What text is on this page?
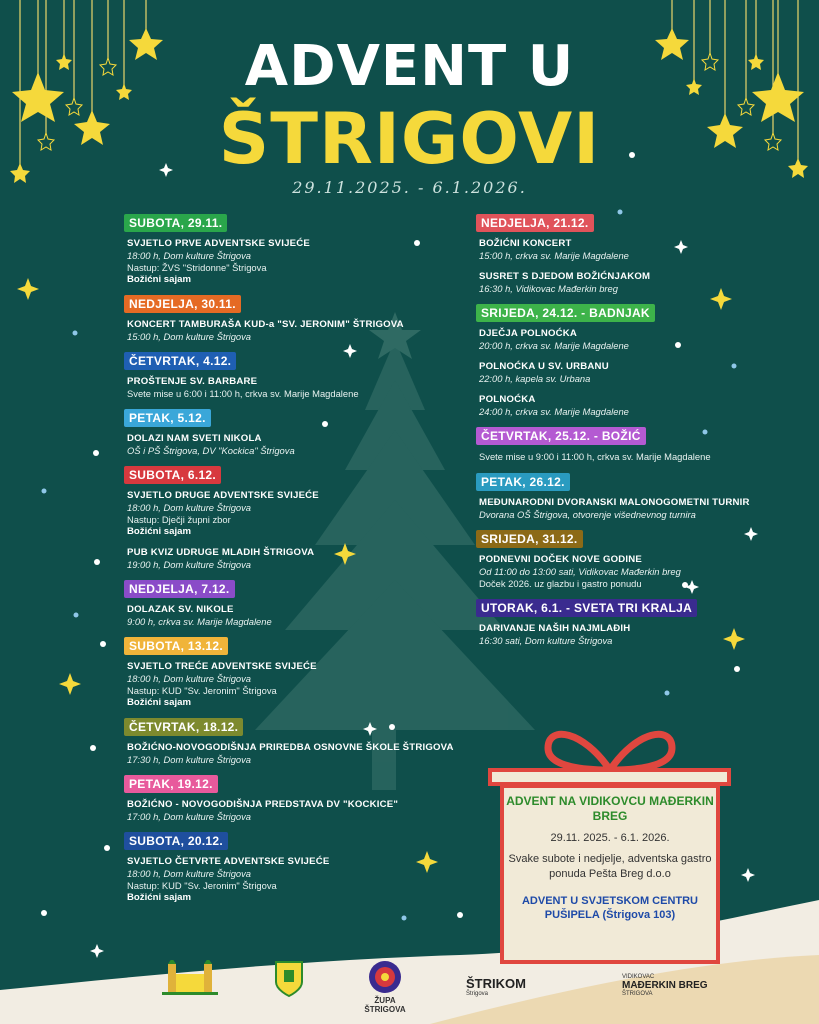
ADVENT U
ŠTRIGOVI
29.11.2025. - 6.1.2026.
SUBOTA, 29.11.

SVJETLO PRVE ADVENTSKE SVIJEĆE
18:00 h, Dom kulture Štrigova
Nastup: ŽVS "Stridonne" Štrigova
Božićni sajam
NEDJELJA, 30.11.

KONCERT TAMBURAŠA KUD-a "SV. JERONIM" ŠTRIGOVA
15:00 h, Dom kulture Štrigova
ČETVRTAK, 4.12.

PROŠTENJE SV. BARBARE
Svete mise u 6:00 i 11:00 h, crkva sv. Marije Magdalene
PETAK, 5.12.

DOLAZI NAM SVETI NIKOLA
OŠ i PŠ Štrigova, DV "Kockica" Štrigova
SUBOTA, 6.12.

SVJETLO DRUGE ADVENTSKE SVIJEĆE
18:00 h, Dom kulture Štrigova
Nastup: Dječji župni zbor
Božićni sajam
PUB KVIZ UDRUGE MLADIH ŠTRIGOVA
19:00 h, Dom kulture Štrigova
NEDJELJA, 7.12.

DOLAZAK SV. NIKOLE
9:00 h, crkva sv. Marije Magdalene
SUBOTA, 13.12.

SVJETLO TREĆE ADVENTSKE SVIJEĆE
18:00 h, Dom kulture Štrigova
Nastup: KUD "Sv. Jeronim" Štrigova
Božićni sajam
ČETVRTAK, 18.12.

BOŽIĆNO-NOVOGODIŠNJA PRIREDBA OSNOVNE ŠKOLE ŠTRIGOVA
17:30 h, Dom kulture Štrigova
PETAK, 19.12.

BOŽIĆNO - NOVOGODIŠNJA PREDSTAVA DV "KOCKICE"
17:00 h, Dom kulture Štrigova
SUBOTA, 20.12.

SVJETLO ČETVRTE ADVENTSKE SVIJEĆE
18:00 h, Dom kulture Štrigova
Nastup: KUD "Sv. Jeronim" Štrigova
Božićni sajam
NEDJELJA, 21.12.

BOŽIĆNI KONCERT
15:00 h, crkva sv. Marije Magdalene
SUSRET S DJEDOM BOŽIĆNJAKOM
16:30 h, Vidikovac Mađerkin breg
SRIJEDA, 24.12. - BADNJAK

DJEČJA POLNOĆKA
20:00 h, crkva sv. Marije Magdalene
POLNOĆKA U SV. URBANU
22:00 h, kapela sv. Urbana
POLNOĆKA
24:00 h, crkva sv. Marije Magdalene
ČETVRTAK, 25.12. - BOŽIĆ

Svete mise u 9:00 i 11:00 h, crkva sv. Marije Magdalene
PETAK, 26.12.

MEĐUNARODNI DVORANSKI MALONOGOMETNI TURNIR
Dvorana OŠ Štrigova, otvorenje višednevnog turnira
SRIJEDA, 31.12.

PODNEVNI DOČEK NOVE GODINE
Od 11:00 do 13:00 sati, Vidikovac Mađerkin breg
Doček 2026. uz glazbu i gastro ponudu
UTORAK, 6.1. - SVETA TRI KRALJA

DARIVANJE NAŠIH NAJMLAĐIH
16:30 sati, Dom kulture Štrigova
ADVENT NA VIDIKOVCU MAĐERKIN BREG
29.11. 2025. - 6.1. 2026.
Svake subote i nedjelje, adventska gastro ponuda Pešta Breg d.o.o
ADVENT U SVJETSKOM CENTRU PUŠIPELA (Štrigova 103)
ŽUPA ŠTRIGOVA
ŠTRIKOM
Štrigova
VIDIKOVAC
MAĐERKIN BREG
ŠTRIGOVA
